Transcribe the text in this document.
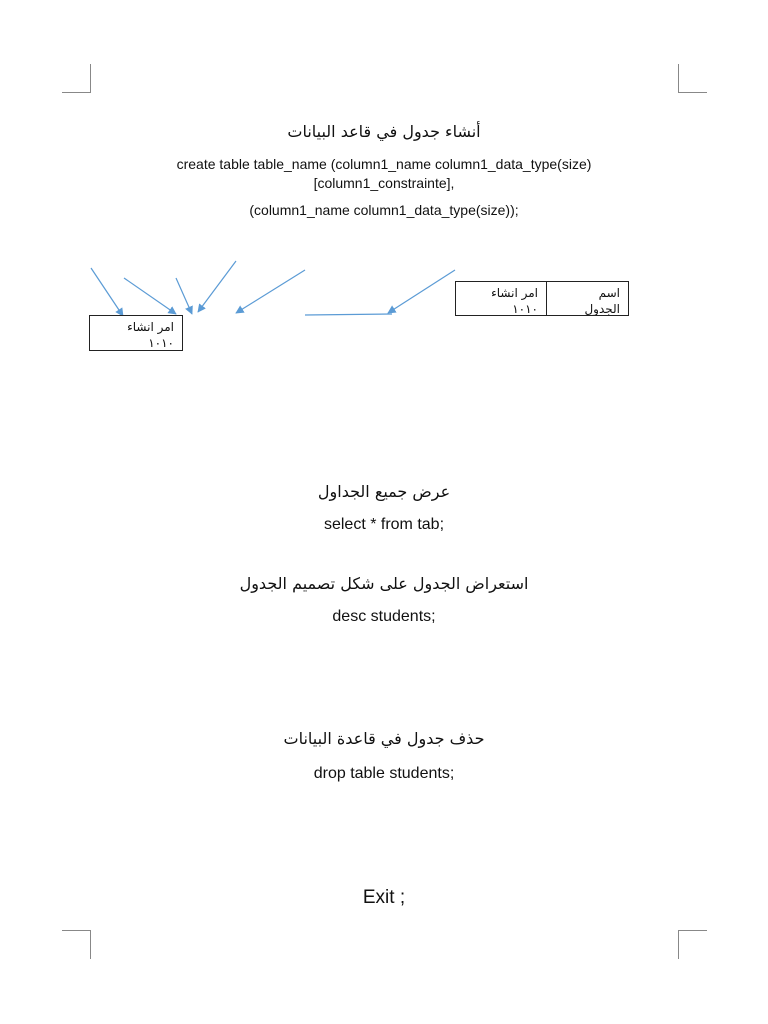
أنشاء جدول في قاعد البيانات
create table table_name (column1_name column1_data_type(size)
[column1_constrainte],
(column1_name column1_data_type(size));
امر انشاء
١٠١٠
اسم
الجدول
امر انشاء
١٠١٠
عرض جميع الجداول
select * from tab;
استعراض الجدول على شكل تصميم الجدول
desc students;
حذف جدول في قاعدة البيانات
drop table students;
Exit ;
